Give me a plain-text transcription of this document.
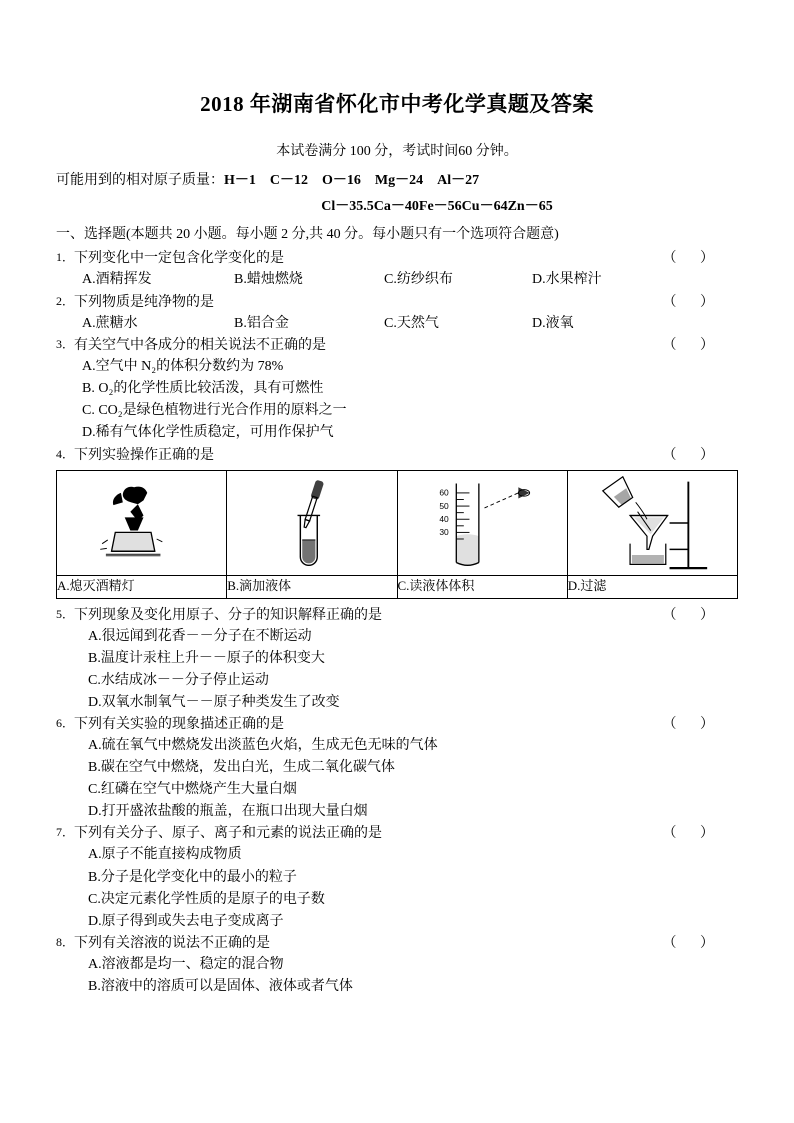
2018 年湖南省怀化市中考化学真题及答案
本试卷满分 100 分，考试时间60 分钟。
可能用到的相对原子质量：H－1 C－12 O－16 Mg－24 Al－27
Cl－35.5Ca－40Fe－56Cu－64Zn－65
一、选择题(本题共 20 小题。每小题 2 分,共 40 分。每小题只有一个选项符合题意)
1．下列变化中一定包含化学变化的是	（ ）
A.酒精挥发	B.蜡烛燃烧	C.纺纱织布	D.水果榨汁
2．下列物质是纯净物的是	（ ）
A.蔗糖水	B.铝合金	C.天然气	D.液氧
3．有关空气中各成分的相关说法不正确的是	（ ）
A.空气中 N₂的体积分数约为 78%
B. O₂的化学性质比较活泼，具有可燃性
C. CO₂是绿色植物进行光合作用的原料之一
D.稀有气体化学性质稳定，可用作保护气
4．下列实验操作正确的是	（ ）

60
50
40
30

A.熄灭酒精灯	B.滴加液体	C.读液体体积	D.过滤
5．下列现象及变化用原子、分子的知识解释正确的是	（ ）
A.很远闻到花香－－分子在不断运动
B.温度计汞柱上升－－原子的体积变大
C.水结成冰－－分子停止运动
D.双氧水制氧气－－原子种类发生了改变
6．下列有关实验的现象描述正确的是	（ ）
A.硫在氧气中燃烧发出淡蓝色火焰，生成无色无味的气体
B.碳在空气中燃烧，发出白光，生成二氧化碳气体
C.红磷在空气中燃烧产生大量白烟
D.打开盛浓盐酸的瓶盖，在瓶口出现大量白烟
7．下列有关分子、原子、离子和元素的说法正确的是	（ ）
A.原子不能直接构成物质
B.分子是化学变化中的最小的粒子
C.决定元素化学性质的是原子的电子数
D.原子得到或失去电子变成离子
8．下列有关溶液的说法不正确的是	（ ）
A.溶液都是均一、稳定的混合物
B.溶液中的溶质可以是固体、液体或者气体
